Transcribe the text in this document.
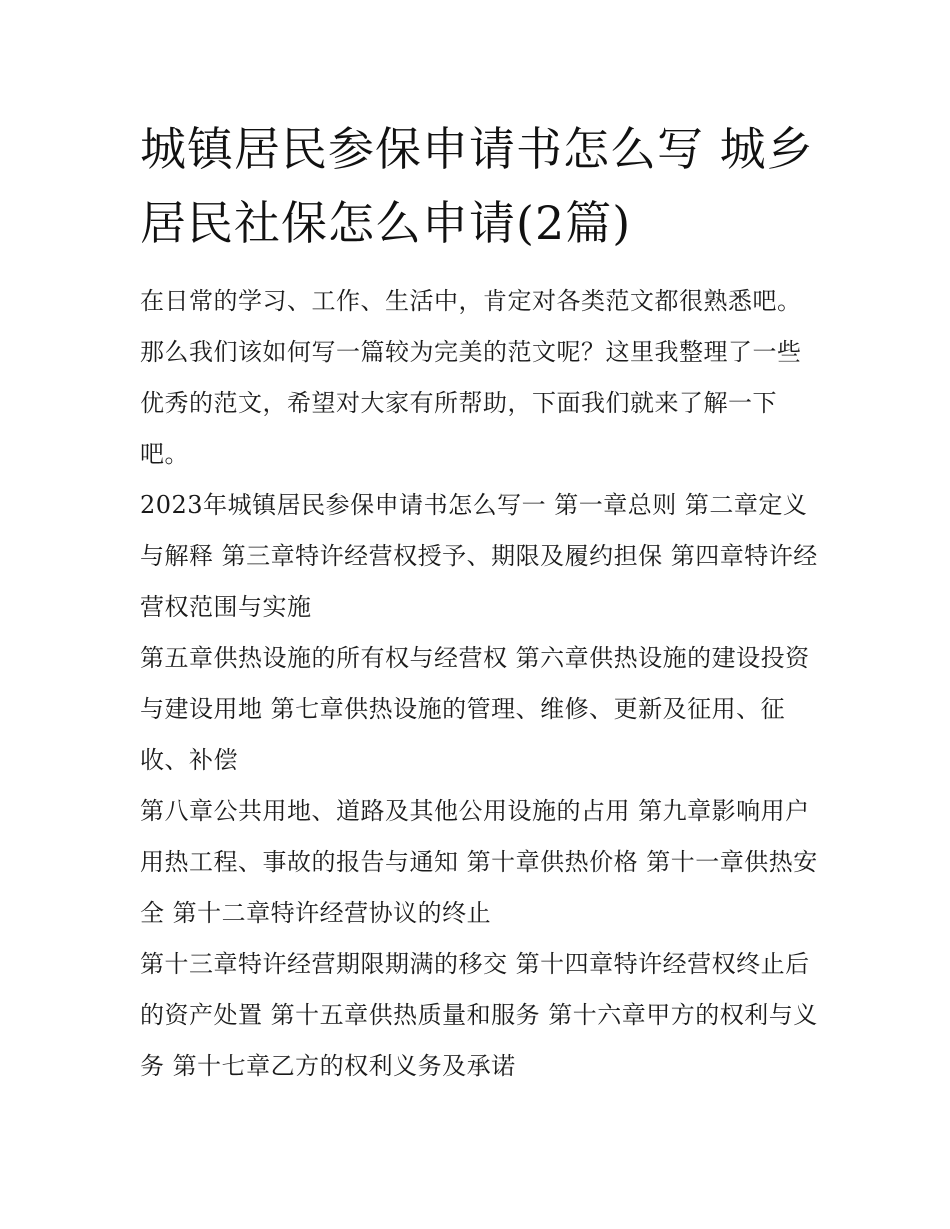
城镇居民参保申请书怎么写 城乡居民社保怎么申请(2篇)

在日常的学习、工作、生活中，肯定对各类范文都很熟悉吧。那么我们该如何写一篇较为完美的范文呢？这里我整理了一些优秀的范文，希望对大家有所帮助，下面我们就来了解一下吧。

2023年城镇居民参保申请书怎么写一 第一章总则 第二章定义与解释 第三章特许经营权授予、期限及履约担保 第四章特许经营权范围与实施

第五章供热设施的所有权与经营权 第六章供热设施的建设投资与建设用地 第七章供热设施的管理、维修、更新及征用、征收、补偿

第八章公共用地、道路及其他公用设施的占用 第九章影响用户用热工程、事故的报告与通知 第十章供热价格 第十一章供热安全 第十二章特许经营协议的终止

第十三章特许经营期限期满的移交 第十四章特许经营权终止后的资产处置 第十五章供热质量和服务 第十六章甲方的权利与义务 第十七章乙方的权利义务及承诺
